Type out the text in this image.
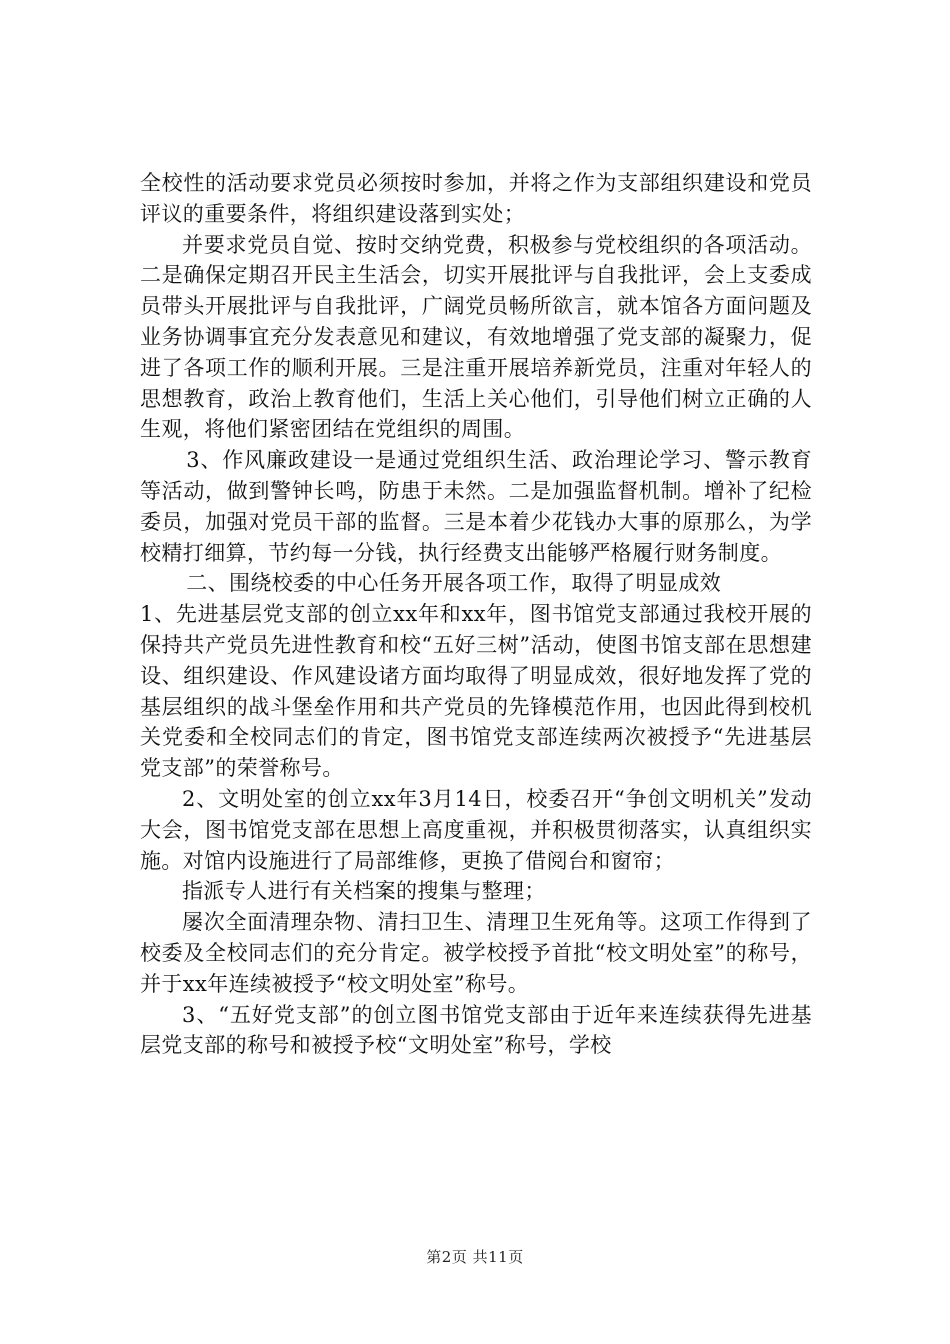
全校性的活动要求党员必须按时参加，并将之作为支部组织建设和党员评议的重要条件，将组织建设落到实处；

并要求党员自觉、按时交纳党费，积极参与党校组织的各项活动。二是确保定期召开民主生活会，切实开展批评与自我批评，会上支委成员带头开展批评与自我批评，广阔党员畅所欲言，就本馆各方面问题及业务协调事宜充分发表意见和建议，有效地增强了党支部的凝聚力，促进了各项工作的顺利开展。三是注重开展培养新党员，注重对年轻人的思想教育，政治上教育他们，生活上关心他们，引导他们树立正确的人生观，将他们紧密团结在党组织的周围。

3、作风廉政建设一是通过党组织生活、政治理论学习、警示教育等活动，做到警钟长鸣，防患于未然。二是加强监督机制。增补了纪检委员，加强对党员干部的监督。三是本着少花钱办大事的原那么，为学校精打细算，节约每一分钱，执行经费支出能够严格履行财务制度。

二、围绕校委的中心任务开展各项工作，取得了明显成效

1、先进基层党支部的创立xx年和xx年，图书馆党支部通过我校开展的保持共产党员先进性教育和校“五好三树”活动，使图书馆支部在思想建设、组织建设、作风建设诸方面均取得了明显成效，很好地发挥了党的基层组织的战斗堡垒作用和共产党员的先锋模范作用，也因此得到校机关党委和全校同志们的肯定，图书馆党支部连续两次被授予“先进基层党支部”的荣誉称号。

2、文明处室的创立xx年3月14日，校委召开“争创文明机关”发动大会，图书馆党支部在思想上高度重视，并积极贯彻落实，认真组织实施。对馆内设施进行了局部维修，更换了借阅台和窗帘；

指派专人进行有关档案的搜集与整理；

屡次全面清理杂物、清扫卫生、清理卫生死角等。这项工作得到了校委及全校同志们的充分肯定。被学校授予首批“校文明处室”的称号，并于xx年连续被授予“校文明处室”称号。

3、“五好党支部”的创立图书馆党支部由于近年来连续获得先进基层党支部的称号和被授予校“文明处室”称号，学校

第2页 共11页
